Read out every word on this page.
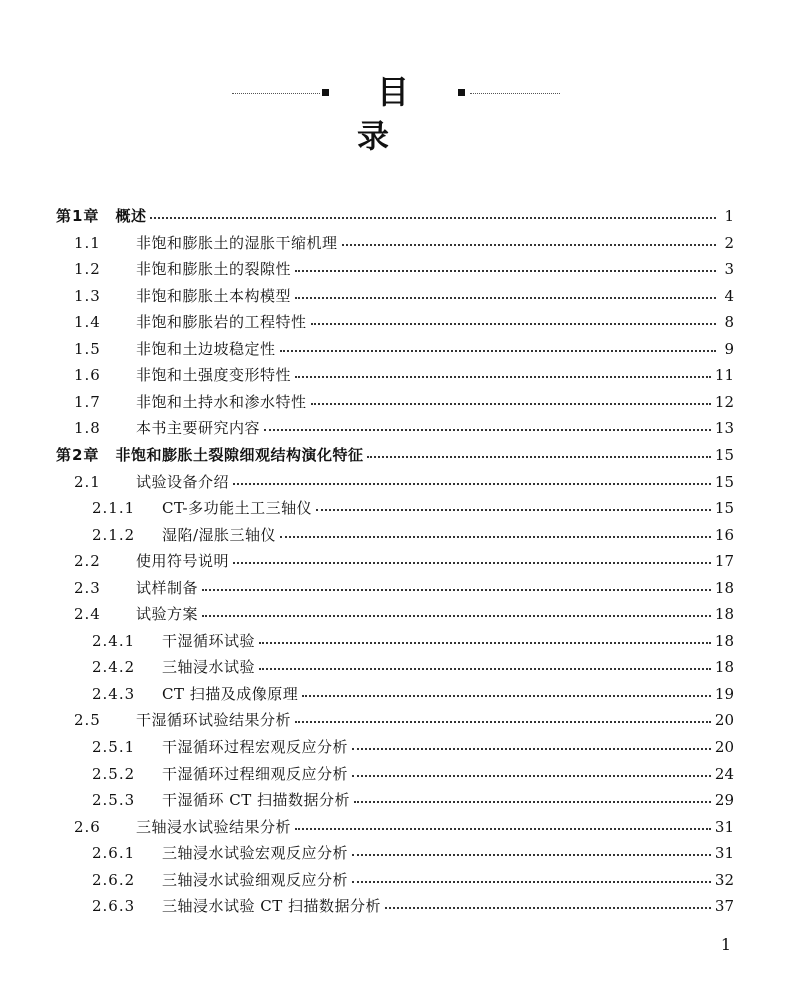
目 录
第1章	概述	1
1.1	非饱和膨胀土的湿胀干缩机理	2
1.2	非饱和膨胀土的裂隙性	3
1.3	非饱和膨胀土本构模型	4
1.4	非饱和膨胀岩的工程特性	8
1.5	非饱和土边坡稳定性	9
1.6	非饱和土强度变形特性	11
1.7	非饱和土持水和渗水特性	12
1.8	本书主要研究内容	13
第2章	非饱和膨胀土裂隙细观结构演化特征	15
2.1	试验设备介绍	15
2.1.1	CT-多功能土工三轴仪	15
2.1.2	湿陷/湿胀三轴仪	16
2.2	使用符号说明	17
2.3	试样制备	18
2.4	试验方案	18
2.4.1	干湿循环试验	18
2.4.2	三轴浸水试验	18
2.4.3	CT 扫描及成像原理	19
2.5	干湿循环试验结果分析	20
2.5.1	干湿循环过程宏观反应分析	20
2.5.2	干湿循环过程细观反应分析	24
2.5.3	干湿循环 CT 扫描数据分析	29
2.6	三轴浸水试验结果分析	31
2.6.1	三轴浸水试验宏观反应分析	31
2.6.2	三轴浸水试验细观反应分析	32
2.6.3	三轴浸水试验 CT 扫描数据分析	37
1
